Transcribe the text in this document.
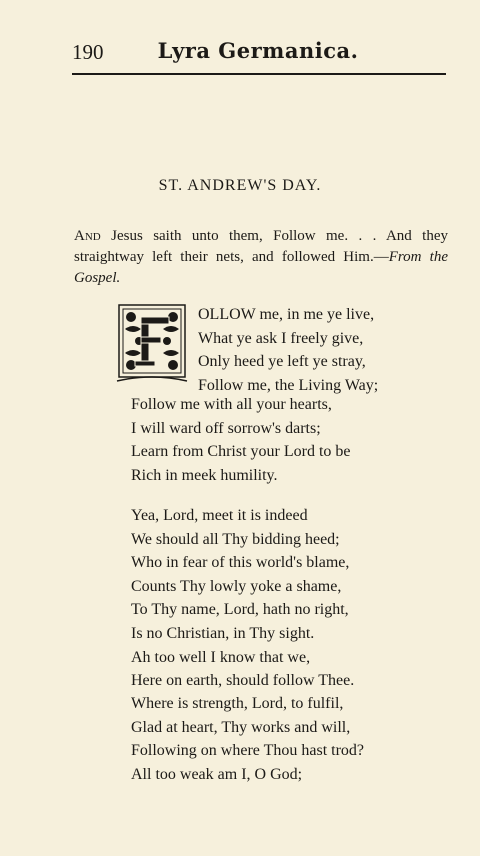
190	Lyra Germanica.
ST. ANDREW'S DAY.

And Jesus saith unto them, Follow me. . . And they straightway left their nets, and followed Him.—From the Gospel.

OLLOW me, in me ye live,
What ye ask I freely give,
Only heed ye left ye stray,
Follow me, the Living Way;
Follow me with all your hearts,
I will ward off sorrow's darts;
Learn from Christ your Lord to be
Rich in meek humility.
Yea, Lord, meet it is indeed
We should all Thy bidding heed;
Who in fear of this world's blame,
Counts Thy lowly yoke a shame,
To Thy name, Lord, hath no right,
Is no Christian, in Thy sight.
Ah too well I know that we,
Here on earth, should follow Thee.
Where is strength, Lord, to fulfil,
Glad at heart, Thy works and will,
Following on where Thou hast trod?
All too weak am I, O God;
